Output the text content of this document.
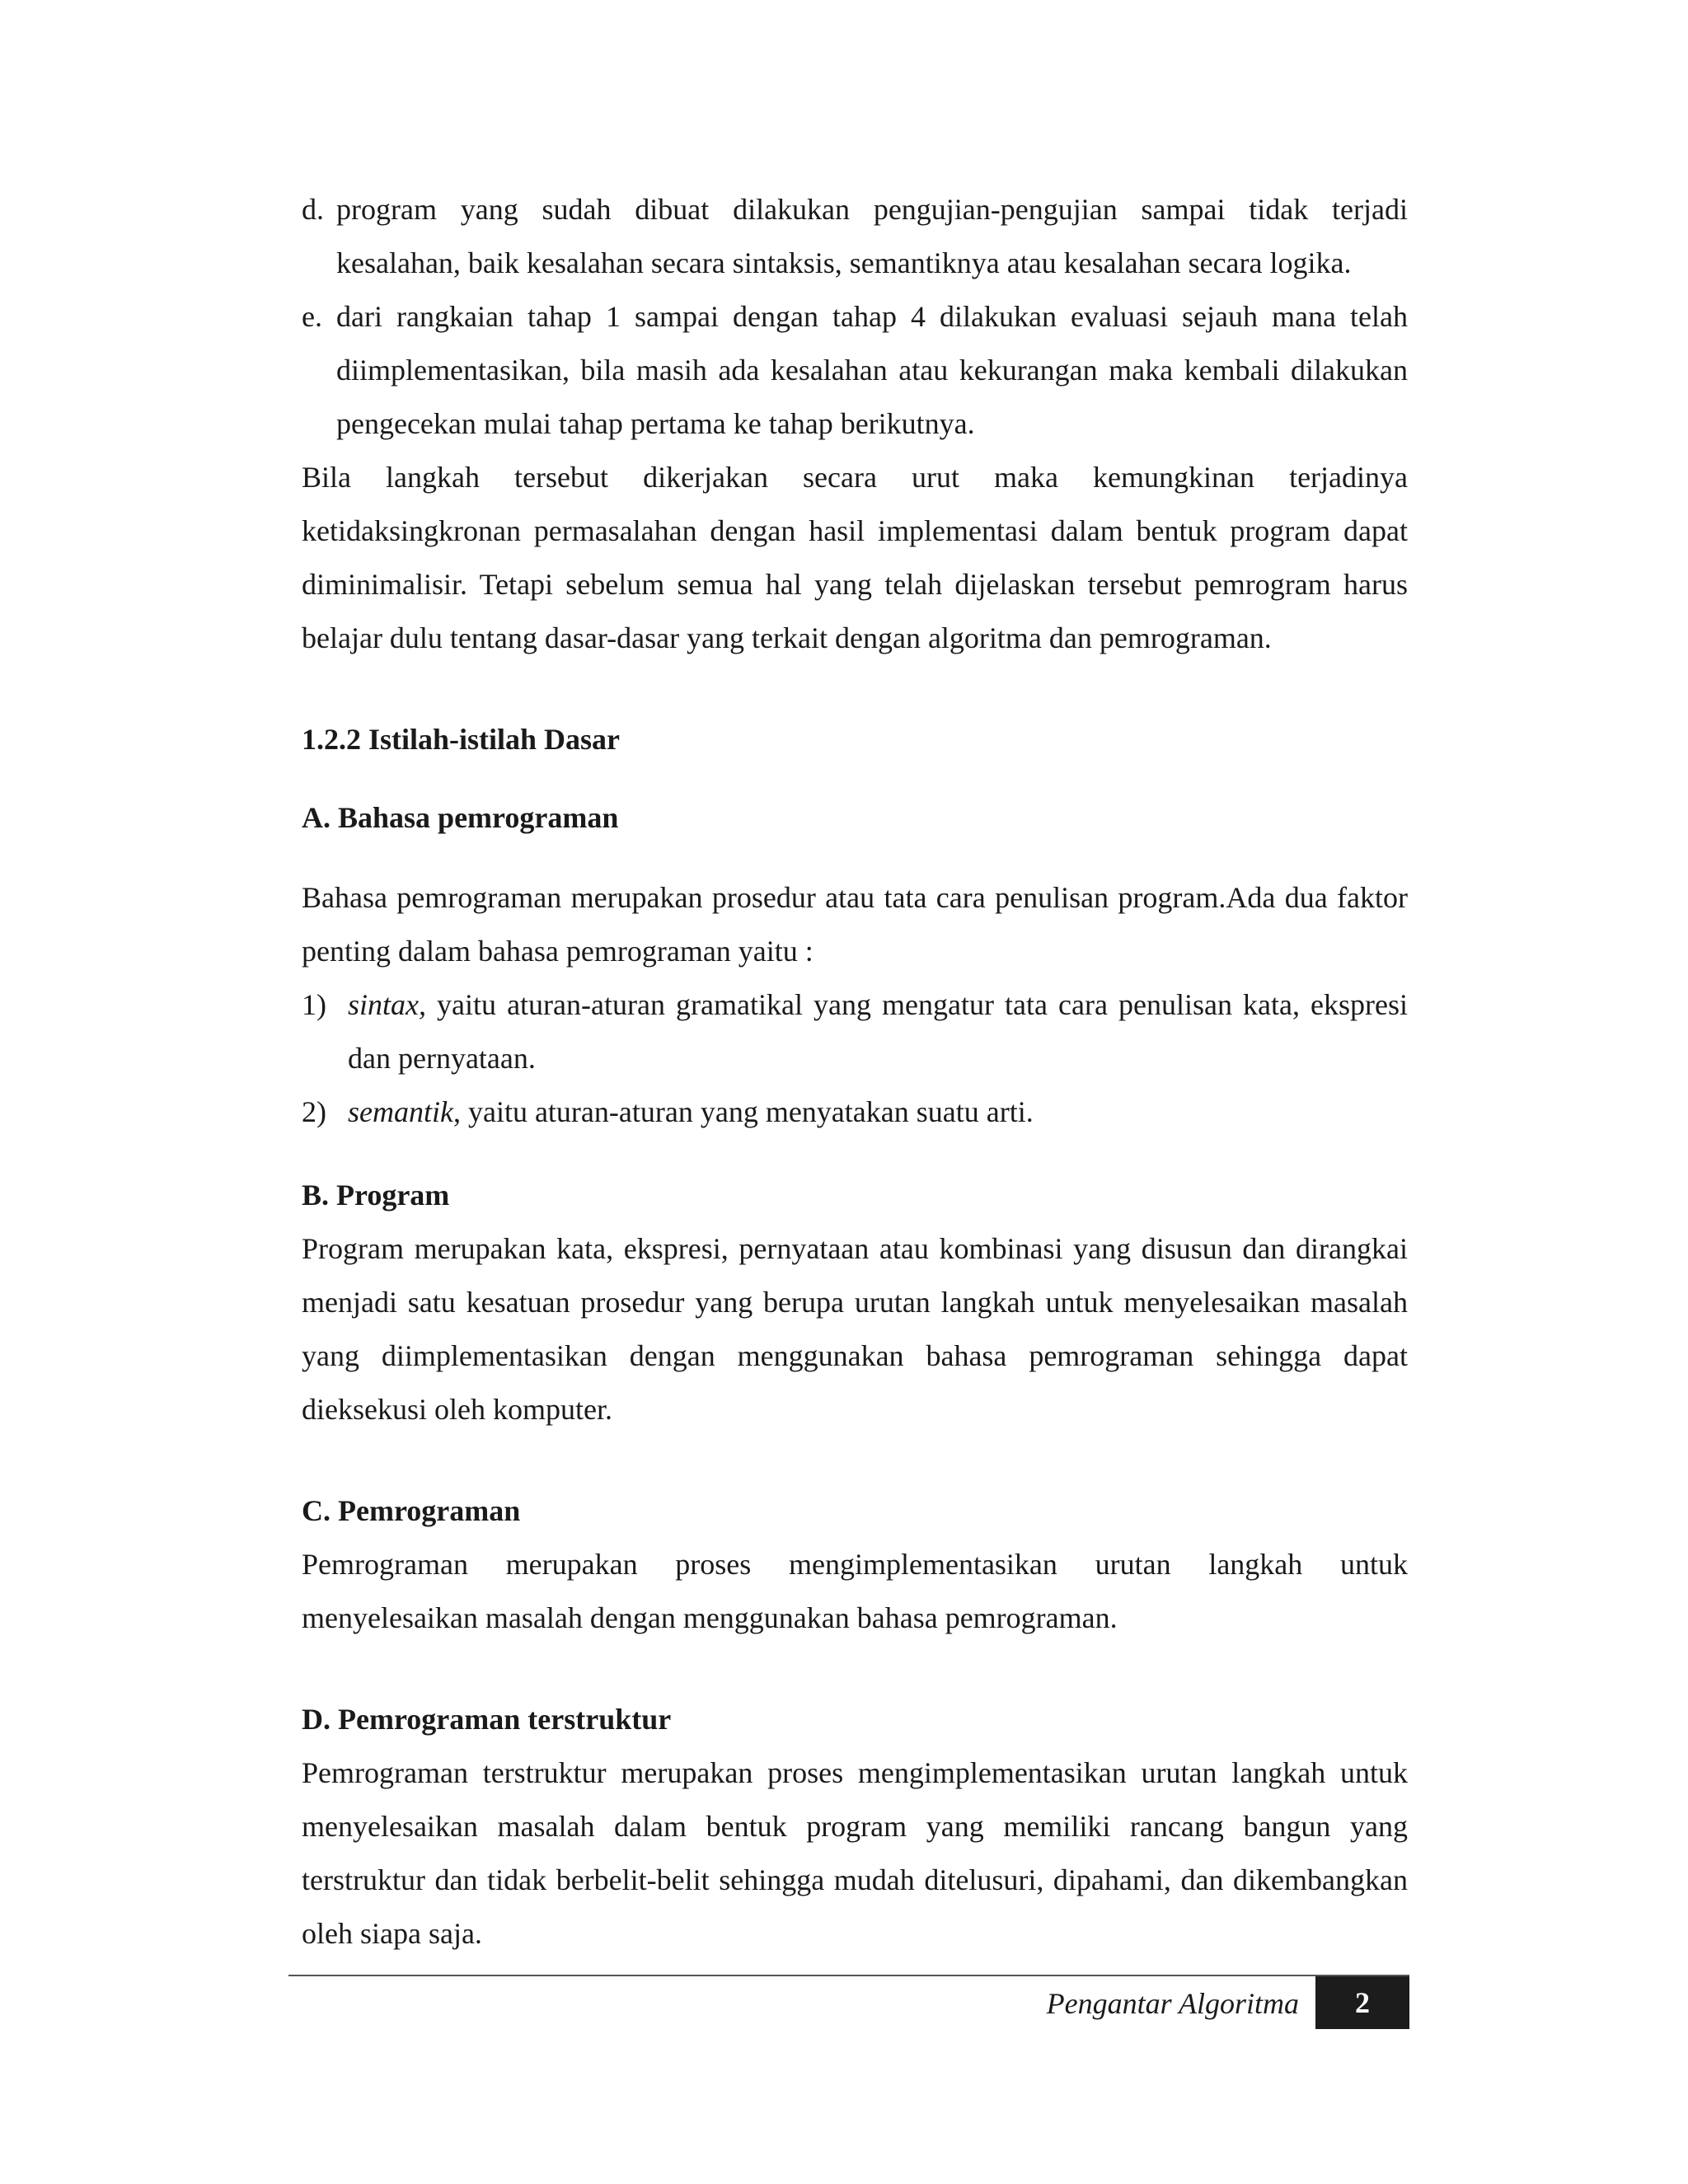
d. program yang sudah dibuat dilakukan pengujian-pengujian sampai tidak terjadi kesalahan, baik kesalahan secara sintaksis, semantiknya atau kesalahan secara logika.
e. dari rangkaian tahap 1 sampai dengan tahap 4 dilakukan evaluasi sejauh mana telah diimplementasikan, bila masih ada kesalahan atau kekurangan maka kembali dilakukan pengecekan mulai tahap pertama ke tahap berikutnya.

Bila langkah tersebut dikerjakan secara urut maka kemungkinan terjadinya ketidaksingkronan permasalahan dengan hasil implementasi dalam bentuk program dapat diminimalisir. Tetapi sebelum semua hal yang telah dijelaskan tersebut pemrogram harus belajar dulu tentang dasar-dasar yang terkait dengan algoritma dan pemrograman.

1.2.2 Istilah-istilah Dasar
A. Bahasa pemrograman

Bahasa pemrograman merupakan prosedur atau tata cara penulisan program.Ada dua faktor penting dalam bahasa pemrograman yaitu :

1) sintax, yaitu aturan-aturan gramatikal yang mengatur tata cara penulisan kata, ekspresi dan pernyataan.
2) semantik, yaitu aturan-aturan yang menyatakan suatu arti.
B. Program

Program merupakan kata, ekspresi, pernyataan atau kombinasi yang disusun dan dirangkai menjadi satu kesatuan prosedur yang berupa urutan langkah untuk menyelesaikan masalah yang diimplementasikan dengan menggunakan bahasa pemrograman sehingga dapat dieksekusi oleh komputer.

C. Pemrograman

Pemrograman merupakan proses mengimplementasikan urutan langkah untuk menyelesaikan masalah dengan menggunakan bahasa pemrograman.

D. Pemrograman terstruktur

Pemrograman terstruktur merupakan proses mengimplementasikan urutan langkah untuk menyelesaikan masalah dalam bentuk program yang memiliki rancang bangun yang terstruktur dan tidak berbelit-belit sehingga mudah ditelusuri, dipahami, dan dikembangkan oleh siapa saja.

Pengantar Algoritma	2
